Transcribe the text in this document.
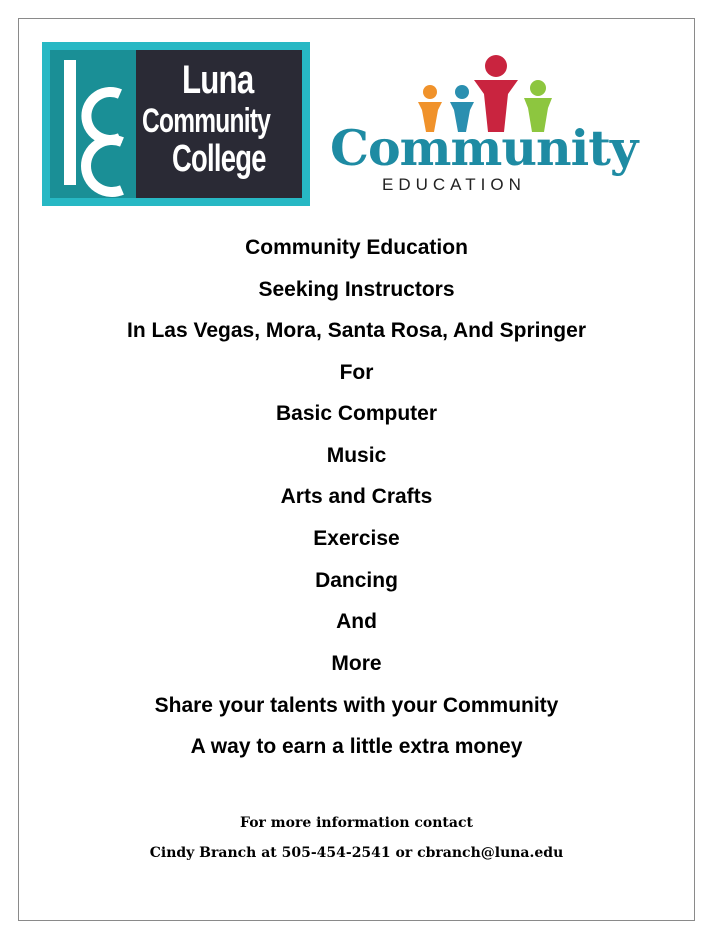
Luna
Community
College Community
EDUCATION
Community Education
Seeking Instructors
In Las Vegas, Mora, Santa Rosa, And Springer
For
Basic Computer
Music
Arts and Crafts
Exercise
Dancing
And
More
Share your talents with your Community
A way to earn a little extra money
For more information contact
Cindy Branch at 505-454-2541 or cbranch@luna.edu
